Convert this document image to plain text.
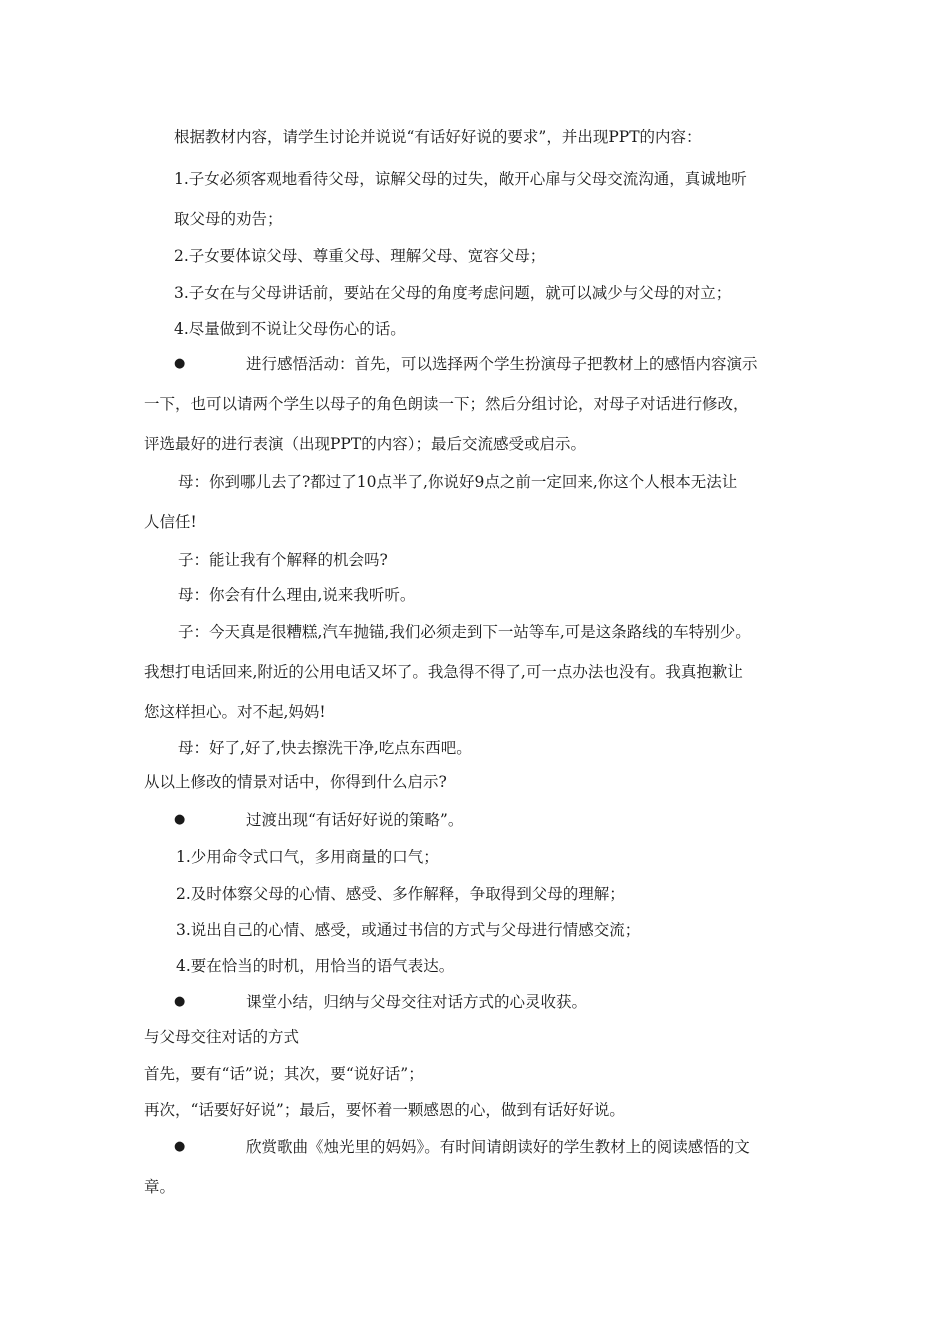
根据教材内容，请学生讨论并说说“有话好好说的要求”，并出现PPT的内容：
1.子女必须客观地看待父母，谅解父母的过失，敞开心扉与父母交流沟通，真诚地听
取父母的劝告；
2.子女要体谅父母、尊重父母、理解父母、宽容父母；
3.子女在与父母讲话前，要站在父母的角度考虑问题，就可以减少与父母的对立；
4.尽量做到不说让父母伤心的话。
●	进行感悟活动：首先，可以选择两个学生扮演母子把教材上的感悟内容演示
一下，也可以请两个学生以母子的角色朗读一下；然后分组讨论，对母子对话进行修改，
评选最好的进行表演（出现PPT的内容）；最后交流感受或启示。
母：你到哪儿去了?都过了10点半了,你说好9点之前一定回来,你这个人根本无法让
人信任!
子：能让我有个解释的机会吗?
母：你会有什么理由,说来我听听。
子：今天真是很糟糕,汽车抛锚,我们必须走到下一站等车,可是这条路线的车特别少。
我想打电话回来,附近的公用电话又坏了。我急得不得了,可一点办法也没有。我真抱歉让
您这样担心。对不起,妈妈!
母：好了,好了,快去擦洗干净,吃点东西吧。
从以上修改的情景对话中，你得到什么启示?
●	过渡出现“有话好好说的策略”。
1.少用命令式口气，多用商量的口气；
2.及时体察父母的心情、感受、多作解释，争取得到父母的理解；
3.说出自己的心情、感受，或通过书信的方式与父母进行情感交流；
4.要在恰当的时机，用恰当的语气表达。
●	课堂小结，归纳与父母交往对话方式的心灵收获。
与父母交往对话的方式
首先，要有“话”说；其次，要“说好话”；
再次，“话要好好说”；最后，要怀着一颗感恩的心，做到有话好好说。
●	欣赏歌曲《烛光里的妈妈》。有时间请朗读好的学生教材上的阅读感悟的文
章。
